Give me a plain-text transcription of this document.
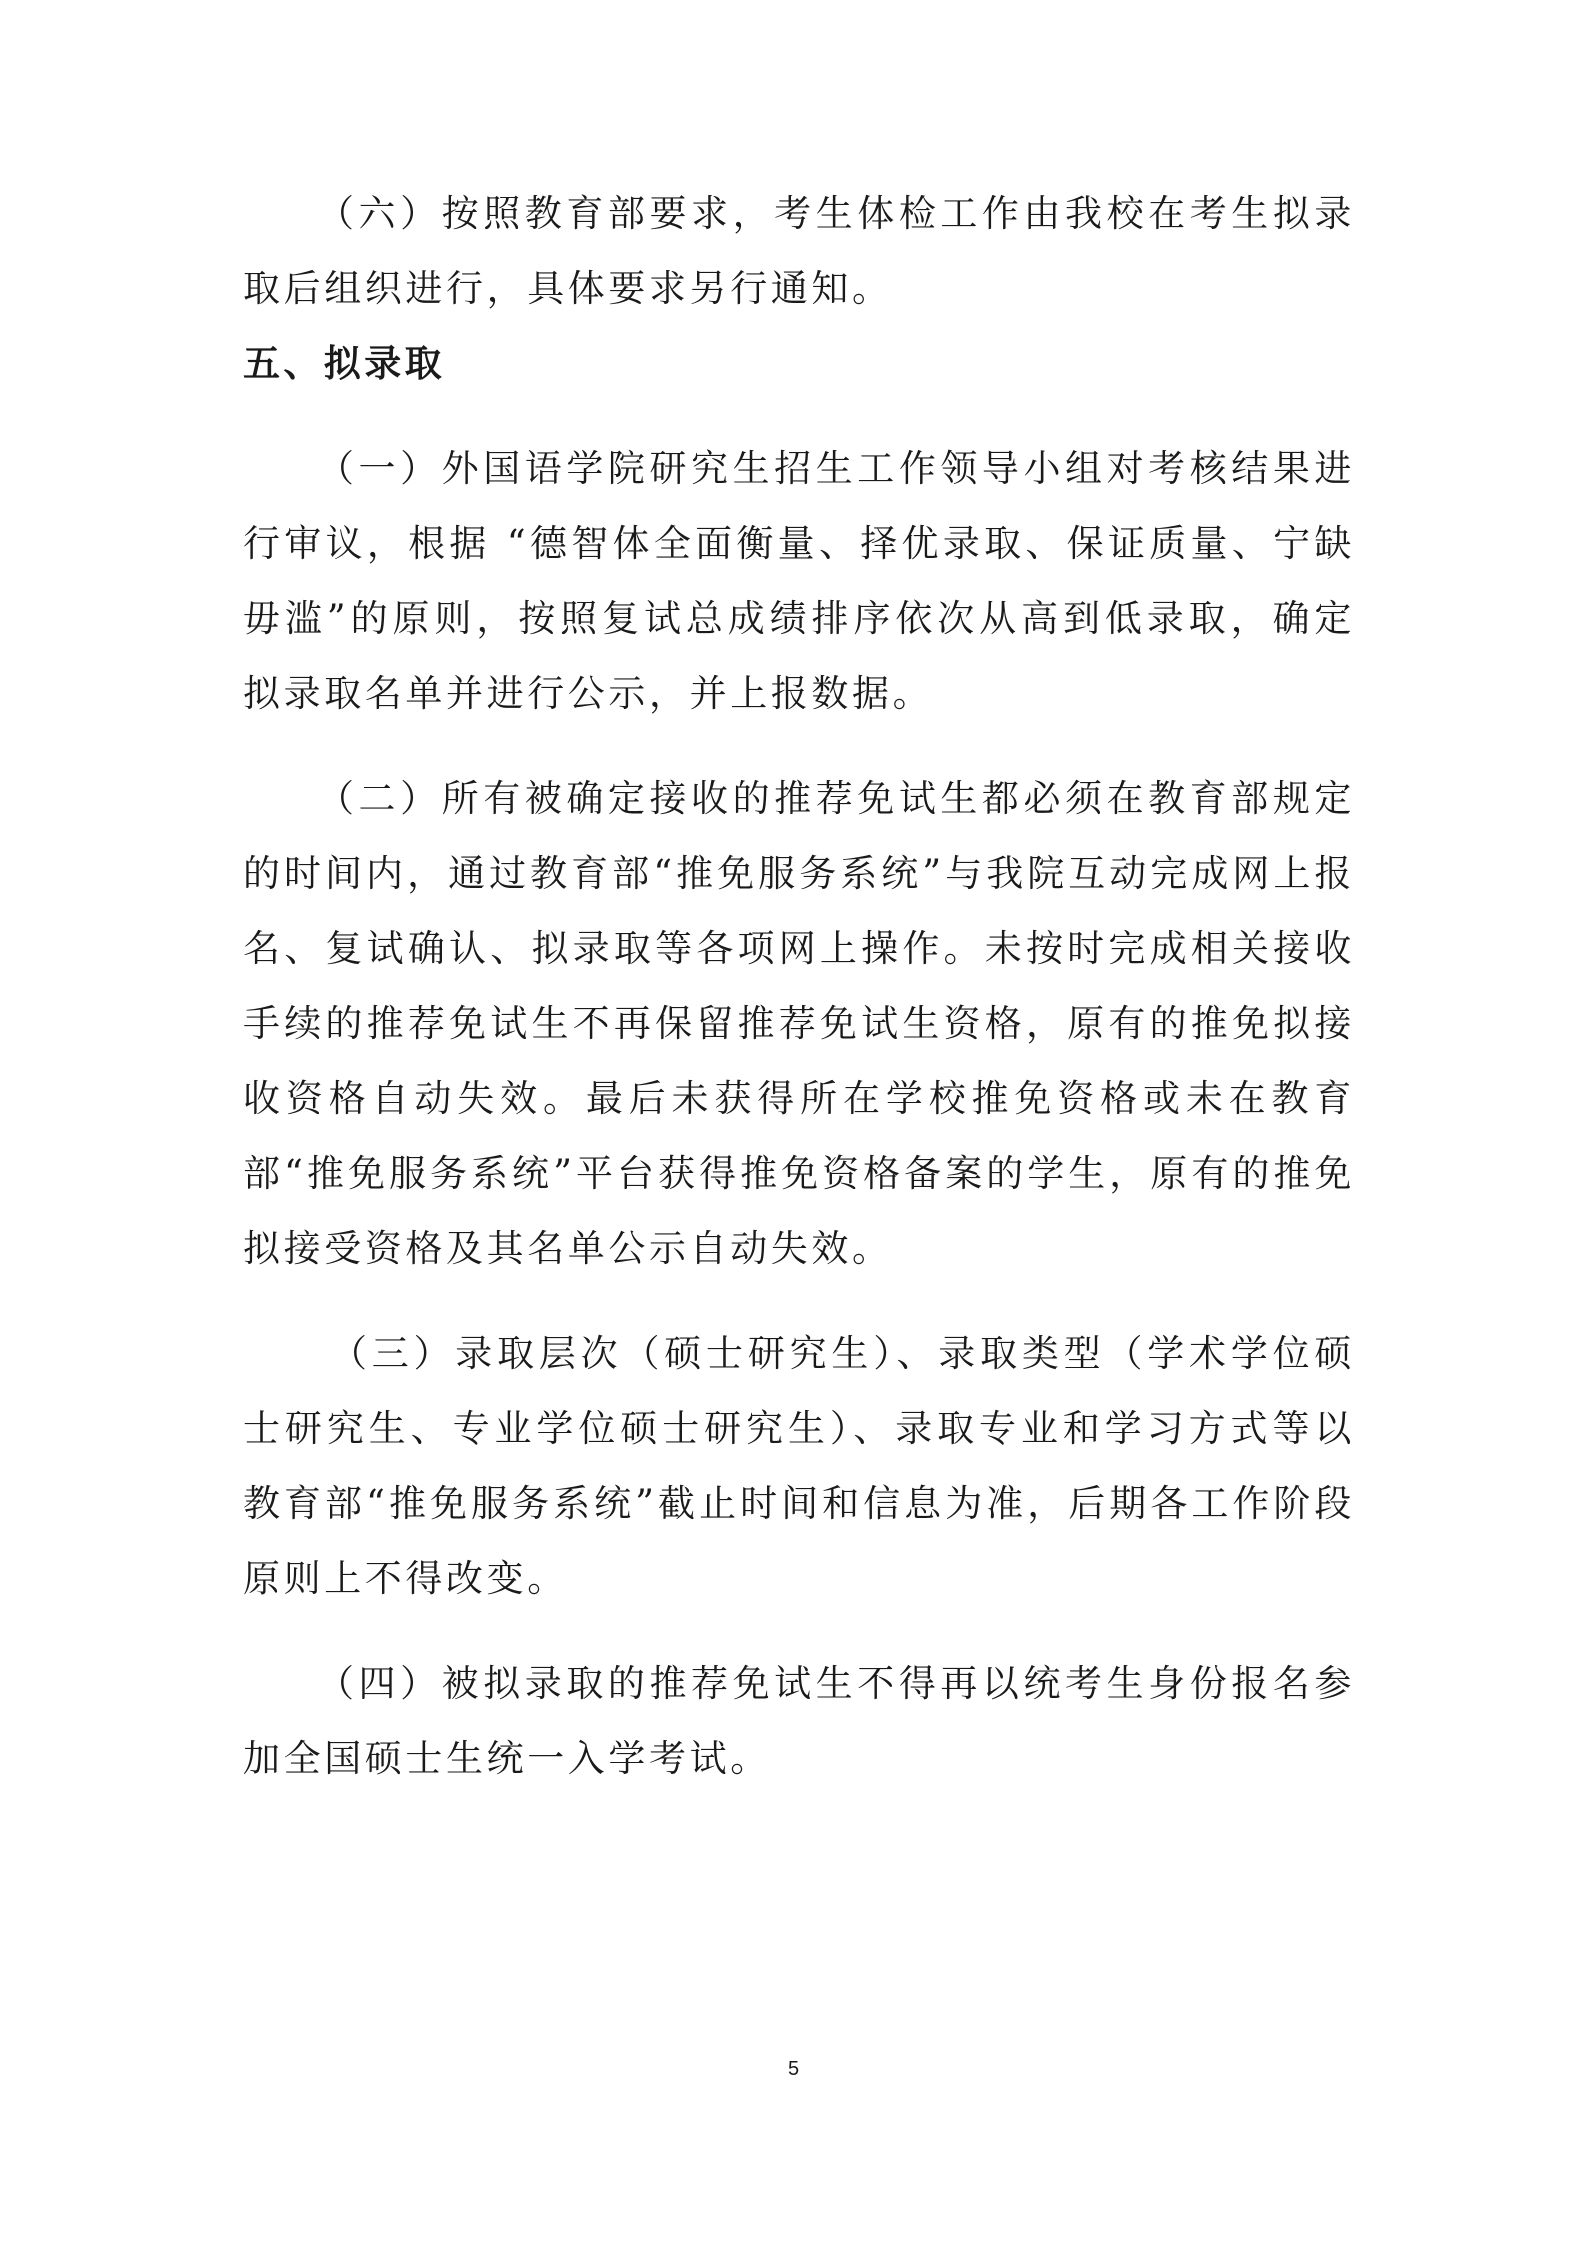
（六）按照教育部要求，考生体检工作由我校在考生拟录取后组织进行，具体要求另行通知。

五、拟录取

（一）外国语学院研究生招生工作领导小组对考核结果进行审议，根据 “德智体全面衡量、择优录取、保证质量、宁缺毋滥”的原则，按照复试总成绩排序依次从高到低录取，确定拟录取名单并进行公示，并上报数据。

（二）所有被确定接收的推荐免试生都必须在教育部规定的时间内，通过教育部“推免服务系统”与我院互动完成网上报名、复试确认、拟录取等各项网上操作。未按时完成相关接收手续的推荐免试生不再保留推荐免试生资格，原有的推免拟接收资格自动失效。最后未获得所在学校推免资格或未在教育部“推免服务系统”平台获得推免资格备案的学生，原有的推免拟接受资格及其名单公示自动失效。

（三）录取层次（硕士研究生）、录取类型（学术学位硕士研究生、专业学位硕士研究生）、录取专业和学习方式等以教育部“推免服务系统”截止时间和信息为准，后期各工作阶段原则上不得改变。

（四）被拟录取的推荐免试生不得再以统考生身份报名参加全国硕士生统一入学考试。

5
